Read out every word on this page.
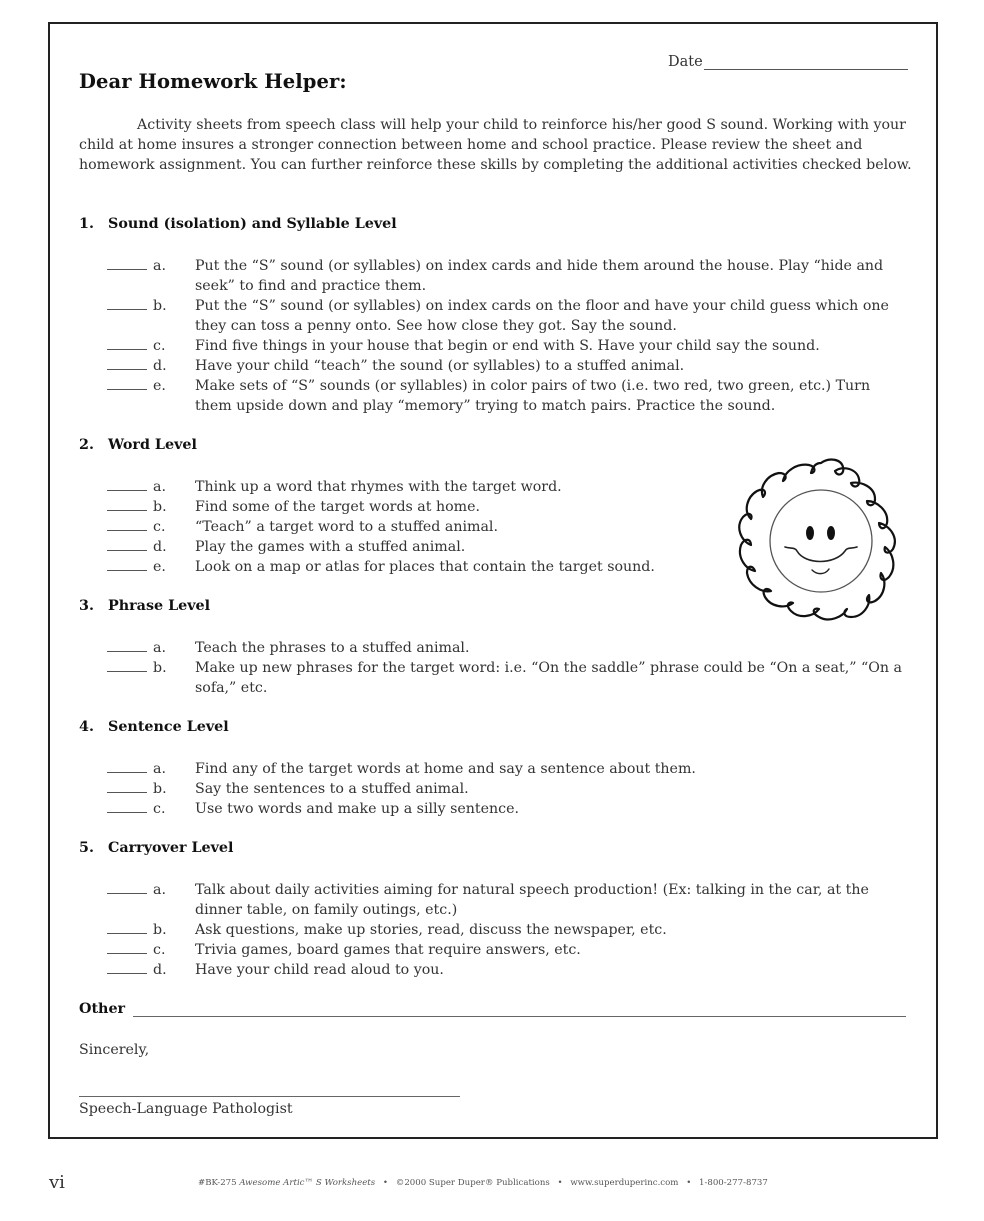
Date
Dear Homework Helper:

Activity sheets from speech class will help your child to reinforce his/her good S sound. Working with your child at home insures a stronger connection between home and school practice. Please review the sheet and homework assignment. You can further reinforce these skills by completing the additional activities checked below.

1. Sound (isolation) and Syllable Level
a. Put the “S” sound (or syllables) on index cards and hide them around the house. Play “hide and seek” to find and practice them.
b. Put the “S” sound (or syllables) on index cards on the floor and have your child guess which one they can toss a penny onto. See how close they got. Say the sound.
c. Find five things in your house that begin or end with S. Have your child say the sound.
d. Have your child “teach” the sound (or syllables) to a stuffed animal.
e. Make sets of “S” sounds (or syllables) in color pairs of two (i.e. two red, two green, etc.) Turn them upside down and play “memory” trying to match pairs. Practice the sound.
2. Word Level
a. Think up a word that rhymes with the target word.
b. Find some of the target words at home.
c. “Teach” a target word to a stuffed animal.
d. Play the games with a stuffed animal.
e. Look on a map or atlas for places that contain the target sound.
3. Phrase Level
a. Teach the phrases to a stuffed animal.
b. Make up new phrases for the target word: i.e. “On the saddle” phrase could be “On a seat,” “On a sofa,” etc.
4. Sentence Level
a. Find any of the target words at home and say a sentence about them.
b. Say the sentences to a stuffed animal.
c. Use two words and make up a silly sentence.
5. Carryover Level
a. Talk about daily activities aiming for natural speech production! (Ex: talking in the car, at the dinner table, on family outings, etc.)
b. Ask questions, make up stories, read, discuss the newspaper, etc.
c. Trivia games, board games that require answers, etc.
d. Have your child read aloud to you.
Other
Sincerely,
Speech-Language Pathologist
vi	#BK-275 Awesome Artic™ S Worksheets • ©2000 Super Duper® Publications • www.superduperinc.com • 1-800-277-8737
